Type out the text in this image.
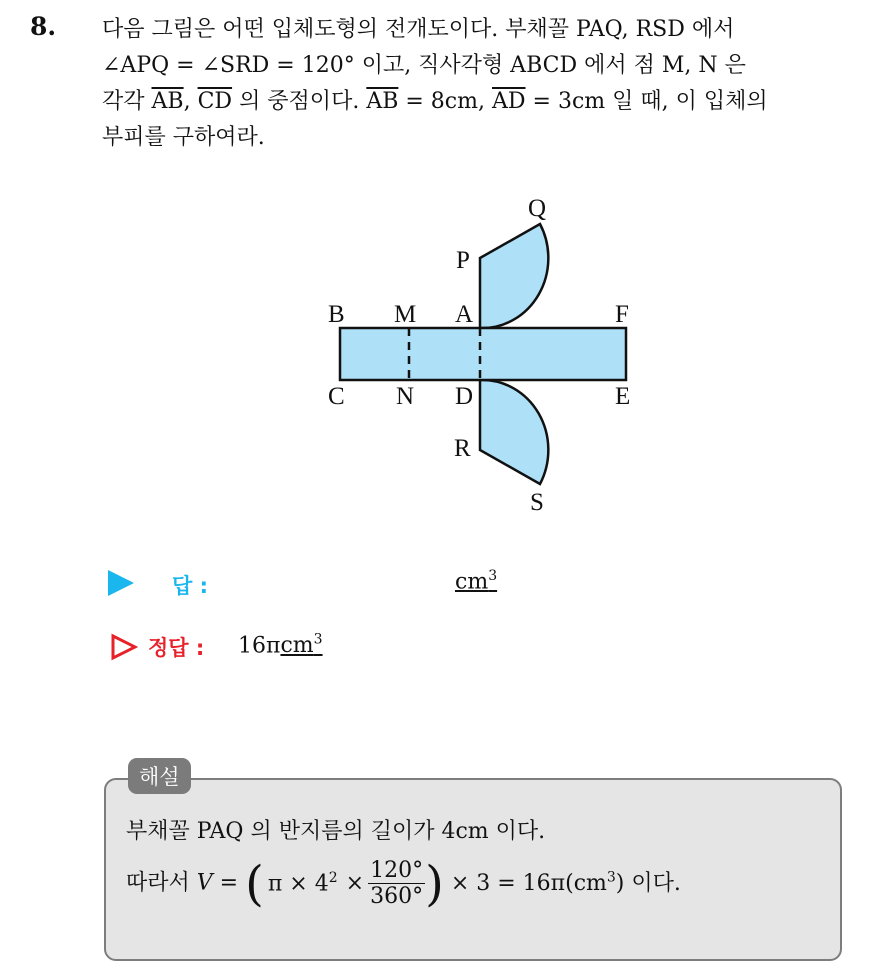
8. 다음 그림은 어떤 입체도형의 전개도이다. 부채꼴 PAQ, RSD 에서
∠APQ = ∠SRD = 120° 이고, 직사각형 ABCD 에서 점 M, N 은
각각 $\overline{AB}$, $\overline{CD}$ 의 중점이다. $\overline{AB} = 8cm$, $\overline{AD} = 3cm$ 일 때, 이 입체의
부피를 구하여라.
Q
P
B M A	F
C N D	E
R
S
답 :	$cm^3$
정답 : 16πcm$^3$
해설
부채꼴 PAQ 의 반지름의 길이가 4cm 이다.
따라서 V = ( $\pi \times 4^2 \times \frac{120^\circ}{360^\circ}$ ) × $3 = 16\pi(cm^3)$ 이다.
